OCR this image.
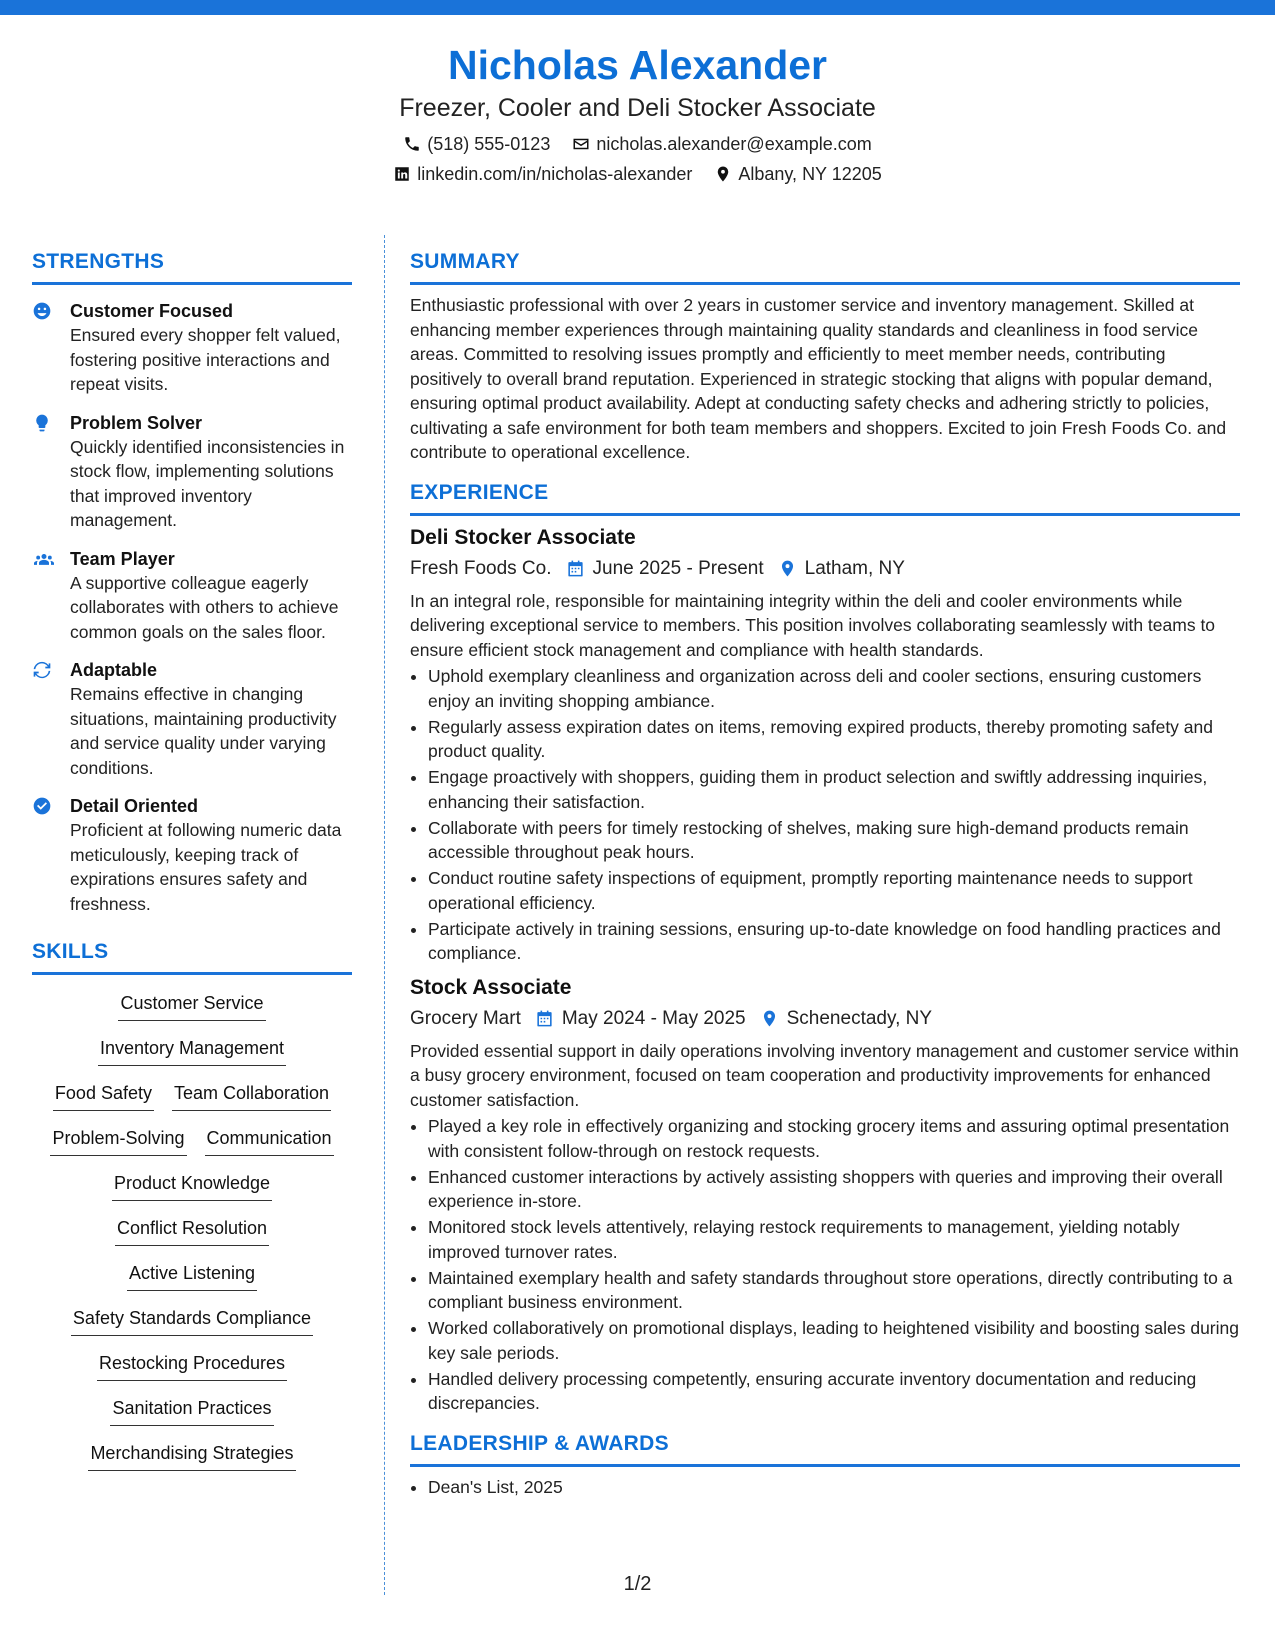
Nicholas Alexander
Freezer, Cooler and Deli Stocker Associate
(518) 555-0123	nicholas.alexander@example.com
linkedin.com/in/nicholas-alexander	Albany, NY 12205
STRENGTHS
Customer Focused
Ensured every shopper felt valued, fostering positive interactions and repeat visits.
Problem Solver
Quickly identified inconsistencies in stock flow, implementing solutions that improved inventory management.
Team Player
A supportive colleague eagerly collaborates with others to achieve common goals on the sales floor.
Adaptable
Remains effective in changing situations, maintaining productivity and service quality under varying conditions.
Detail Oriented
Proficient at following numeric data meticulously, keeping track of expirations ensures safety and freshness.
SKILLS
Customer Service
Inventory Management
Food Safety Team Collaboration
Problem-Solving Communication
Product Knowledge
Conflict Resolution
Active Listening
Safety Standards Compliance
Restocking Procedures
Sanitation Practices
Merchandising Strategies
SUMMARY
Enthusiastic professional with over 2 years in customer service and inventory management. Skilled at enhancing member experiences through maintaining quality standards and cleanliness in food service areas. Committed to resolving issues promptly and efficiently to meet member needs, contributing positively to overall brand reputation. Experienced in strategic stocking that aligns with popular demand, ensuring optimal product availability. Adept at conducting safety checks and adhering strictly to policies, cultivating a safe environment for both team members and shoppers. Excited to join Fresh Foods Co. and contribute to operational excellence.
EXPERIENCE
Deli Stocker Associate
Fresh Foods Co. June 2025 - Present Latham, NY
In an integral role, responsible for maintaining integrity within the deli and cooler environments while delivering exceptional service to members. This position involves collaborating seamlessly with teams to ensure efficient stock management and compliance with health standards.
• Uphold exemplary cleanliness and organization across deli and cooler sections, ensuring customers enjoy an inviting shopping ambiance.
• Regularly assess expiration dates on items, removing expired products, thereby promoting safety and product quality.
• Engage proactively with shoppers, guiding them in product selection and swiftly addressing inquiries, enhancing their satisfaction.
• Collaborate with peers for timely restocking of shelves, making sure high-demand products remain accessible throughout peak hours.
• Conduct routine safety inspections of equipment, promptly reporting maintenance needs to support operational efficiency.
• Participate actively in training sessions, ensuring up-to-date knowledge on food handling practices and compliance.
Stock Associate
Grocery Mart May 2024 - May 2025 Schenectady, NY
Provided essential support in daily operations involving inventory management and customer service within a busy grocery environment, focused on team cooperation and productivity improvements for enhanced customer satisfaction.
• Played a key role in effectively organizing and stocking grocery items and assuring optimal presentation with consistent follow-through on restock requests.
• Enhanced customer interactions by actively assisting shoppers with queries and improving their overall experience in-store.
• Monitored stock levels attentively, relaying restock requirements to management, yielding notably improved turnover rates.
• Maintained exemplary health and safety standards throughout store operations, directly contributing to a compliant business environment.
• Worked collaboratively on promotional displays, leading to heightened visibility and boosting sales during key sale periods.
• Handled delivery processing competently, ensuring accurate inventory documentation and reducing discrepancies.
LEADERSHIP & AWARDS
• Dean's List, 2025
1/2
